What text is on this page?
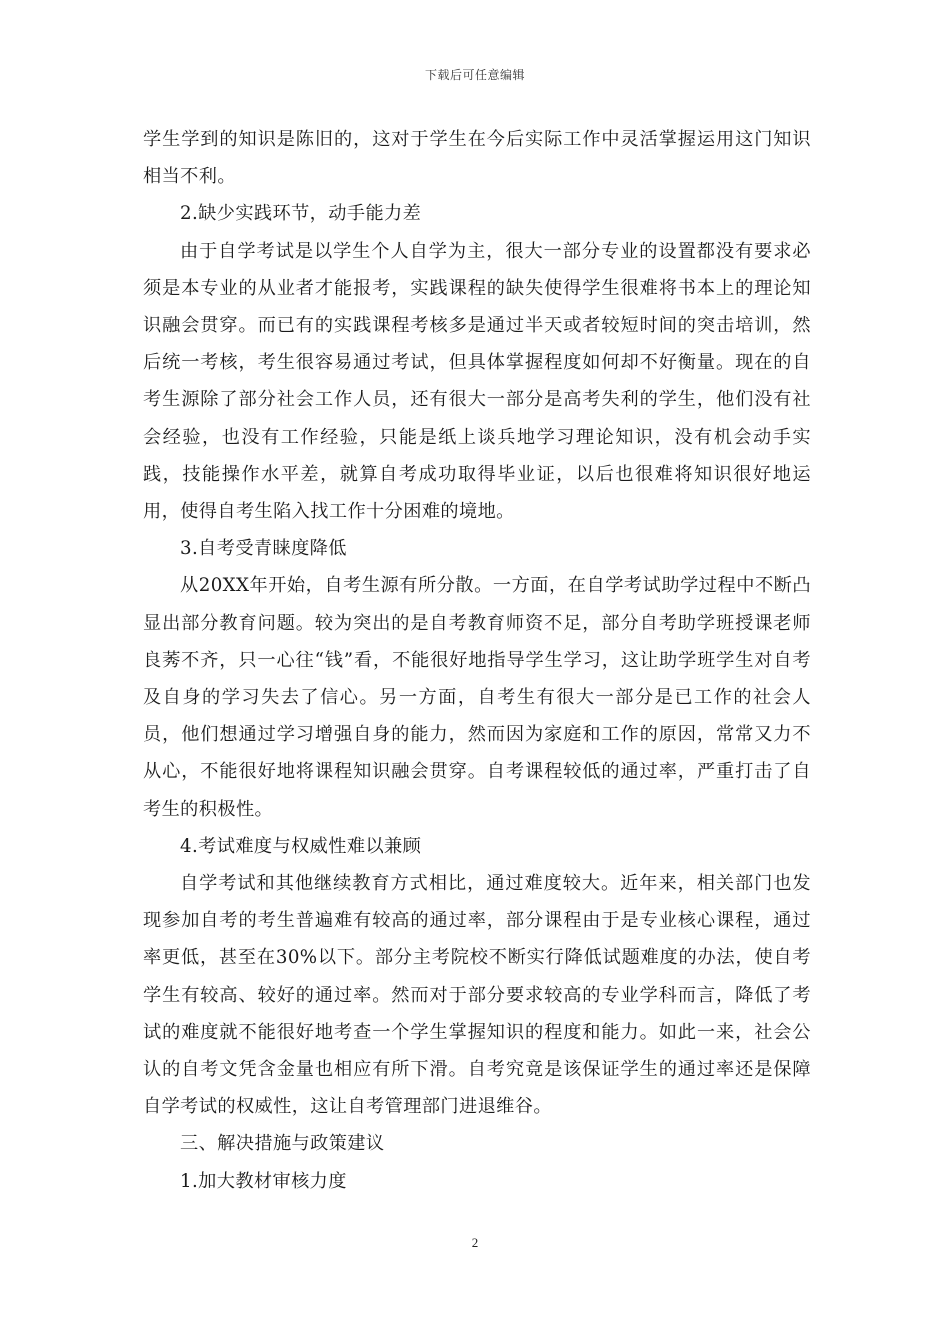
下载后可任意编辑

学生学到的知识是陈旧的，这对于学生在今后实际工作中灵活掌握运用这门知识相当不利。

2.缺少实践环节，动手能力差

由于自学考试是以学生个人自学为主，很大一部分专业的设置都没有要求必须是本专业的从业者才能报考，实践课程的缺失使得学生很难将书本上的理论知识融会贯穿。而已有的实践课程考核多是通过半天或者较短时间的突击培训，然后统一考核，考生很容易通过考试，但具体掌握程度如何却不好衡量。现在的自考生源除了部分社会工作人员，还有很大一部分是高考失利的学生，他们没有社会经验，也没有工作经验，只能是纸上谈兵地学习理论知识，没有机会动手实践，技能操作水平差，就算自考成功取得毕业证，以后也很难将知识很好地运用，使得自考生陷入找工作十分困难的境地。

3.自考受青睐度降低

从20XX年开始，自考生源有所分散。一方面，在自学考试助学过程中不断凸显出部分教育问题。较为突出的是自考教育师资不足，部分自考助学班授课老师良莠不齐，只一心往“钱”看，不能很好地指导学生学习，这让助学班学生对自考及自身的学习失去了信心。另一方面，自考生有很大一部分是已工作的社会人员，他们想通过学习增强自身的能力，然而因为家庭和工作的原因，常常又力不从心，不能很好地将课程知识融会贯穿。自考课程较低的通过率，严重打击了自考生的积极性。

4.考试难度与权威性难以兼顾

自学考试和其他继续教育方式相比，通过难度较大。近年来，相关部门也发现参加自考的考生普遍难有较高的通过率，部分课程由于是专业核心课程，通过率更低，甚至在30%以下。部分主考院校不断实行降低试题难度的办法，使自考学生有较高、较好的通过率。然而对于部分要求较高的专业学科而言，降低了考试的难度就不能很好地考查一个学生掌握知识的程度和能力。如此一来，社会公认的自考文凭含金量也相应有所下滑。自考究竟是该保证学生的通过率还是保障自学考试的权威性，这让自考管理部门进退维谷。

三、解决措施与政策建议

1.加大教材审核力度

2
